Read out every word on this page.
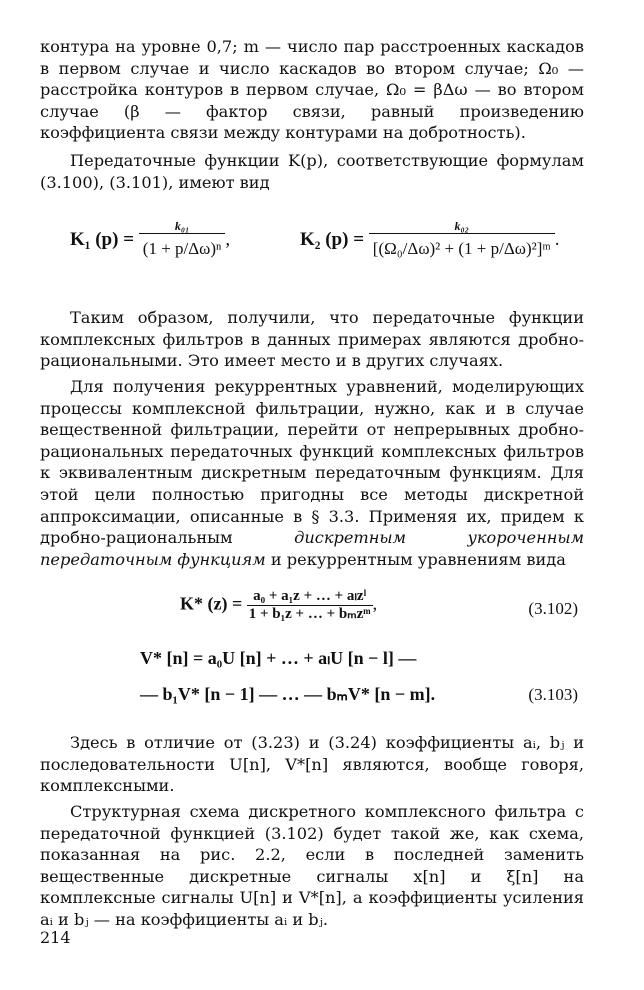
контура на уровне 0,7; m — число пар расстроенных каскадов в первом случае и число каскадов во втором случае; Ω₀ — расстройка контуров в первом случае, Ω₀ = βΔω — во втором случае (β — фактор связи, равный произведению коэффициента связи между контурами на добротность).

Передаточные функции K(p), соответствующие формулам (3.100), (3.101), имеют вид

K₁ $(p) = \frac{\text{k₀₁}}{\text{(1 + p/Δω)ⁿ}}$ ,	K₂ $(p) = \frac{\text{k₀₂}}{\text{[(Ω₀/Δω)² + (1 + p/Δω)²]ᵐ}}$ .

Таким образом, получили, что передаточные функции комплексных фильтров в данных примерах являются дробно-рациональными. Это имеет место и в других случаях.

Для получения рекуррентных уравнений, моделирующих процессы комплексной фильтрации, нужно, как и в случае вещественной фильтрации, перейти от непрерывных дробно-рациональных передаточных функций комплексных фильтров к эквивалентным дискретным передаточным функциям. Для этой цели полностью пригодны все методы дискретной аппроксимации, описанные в § 3.3. Применяя их, придем к дробно-рациональным дискретным укороченным передаточным функциям и рекуррентным уравнениям вида

K* $(z) = \frac{\text{a₀ + a₁z + … + aₗzˡ}}{\text{1 + b₁z + … + bₘzᵐ}}$ ,	(3.102)
V* [n] = a₀U [n] + … + aₗU [n − l] —
— b₁V* [n − 1] — … — bₘV* [n − m].	(3.103)

Здесь в отличие от (3.23) и (3.24) коэффициенты aᵢ, bⱼ и последовательности U[n], V*[n] являются, вообще говоря, комплексными.

Структурная схема дискретного комплексного фильтра с передаточной функцией (3.102) будет такой же, как схема, показанная на рис. 2.2, если в последней заменить вещественные дискретные сигналы x[n] и ξ[n] на комплексные сигналы U[n] и V*[n], а коэффициенты усиления aᵢ и bⱼ — на коэффициенты aᵢ и bⱼ.

214
